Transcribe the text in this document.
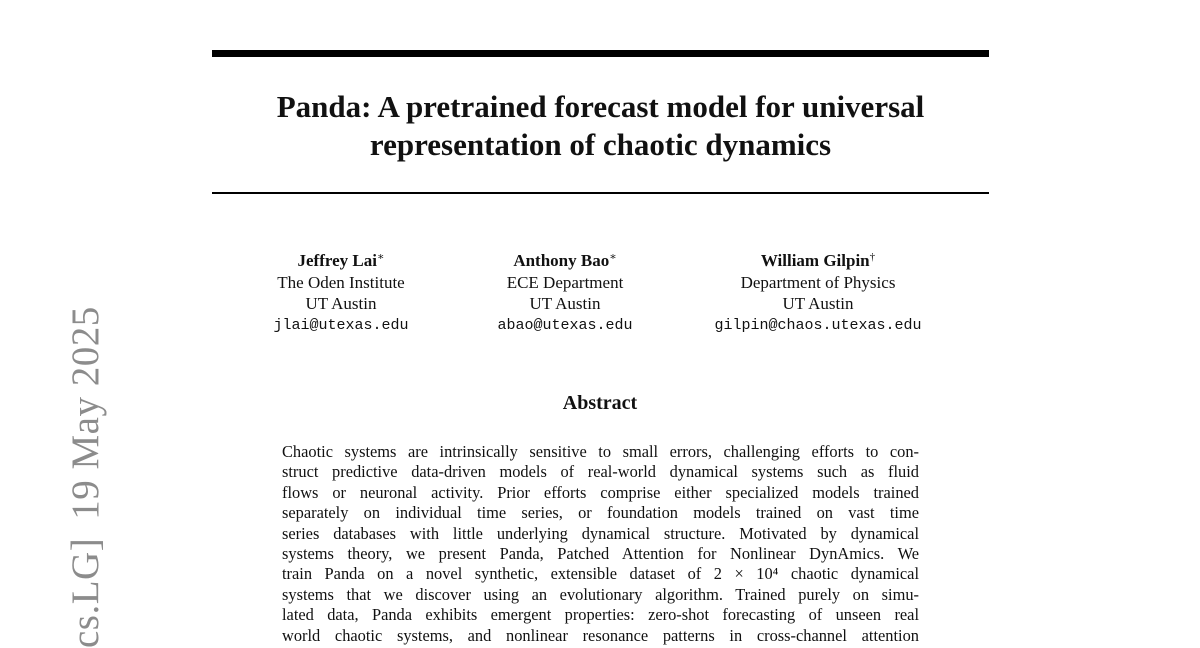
Panda: A pretrained forecast model for universal
representation of chaotic dynamics
Jeffrey Lai∗
The Oden Institute
UT Austin
jlai@utexas.edu
Anthony Bao∗
ECE Department
UT Austin
abao@utexas.edu
William Gilpin†
Department of Physics
UT Austin
gilpin@chaos.utexas.edu
Abstract
Chaotic systems are intrinsically sensitive to small errors, challenging efforts to con-
struct predictive data-driven models of real-world dynamical systems such as fluid
flows or neuronal activity. Prior efforts comprise either specialized models trained
separately on individual time series, or foundation models trained on vast time
series databases with little underlying dynamical structure. Motivated by dynamical
systems theory, we present Panda, Patched Attention for Nonlinear DynAmics. We
train Panda on a novel synthetic, extensible dataset of 2 × 10⁴ chaotic dynamical
systems that we discover using an evolutionary algorithm. Trained purely on simu-
lated data, Panda exhibits emergent properties: zero-shot forecasting of unseen real
world chaotic systems, and nonlinear resonance patterns in cross-channel attention
cs.LG]19 May 2025
